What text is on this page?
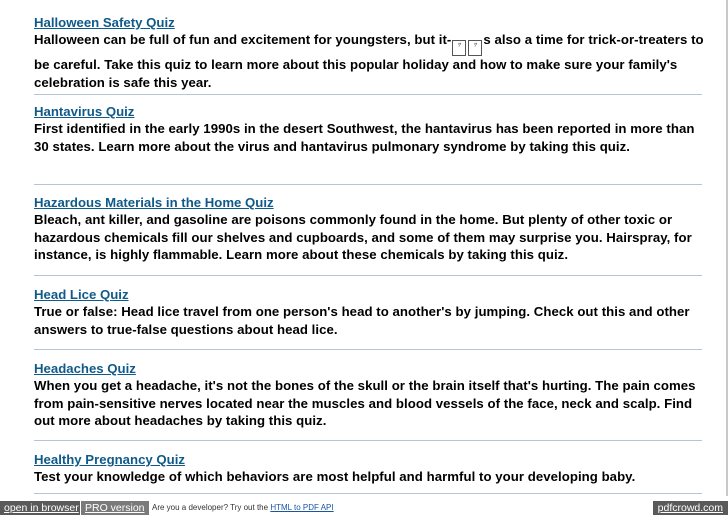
Halloween Safety Quiz

Halloween can be full of fun and excitement for youngsters, but it- ﾂ ﾂ s also a time for trick-or-treaters to be careful. Take this quiz to learn more about this popular holiday and how to make sure your family's celebration is safe this year.

Hantavirus Quiz

First identified in the early 1990s in the desert Southwest, the hantavirus has been reported in more than 30 states. Learn more about the virus and hantavirus pulmonary syndrome by taking this quiz.

Hazardous Materials in the Home Quiz

Bleach, ant killer, and gasoline are poisons commonly found in the home. But plenty of other toxic or hazardous chemicals fill our shelves and cupboards, and some of them may surprise you. Hairspray, for instance, is highly flammable. Learn more about these chemicals by taking this quiz.

Head Lice Quiz

True or false: Head lice travel from one person's head to another's by jumping. Check out this and other answers to true-false questions about head lice.

Headaches Quiz

When you get a headache, it's not the bones of the skull or the brain itself that's hurting. The pain comes from pain-sensitive nerves located near the muscles and blood vessels of the face, neck and scalp. Find out more about headaches by taking this quiz.

Healthy Pregnancy Quiz

Test your knowledge of which behaviors are most helpful and harmful to your developing baby.

open in browser PRO version Are you a developer? Try out the HTML to PDF API	pdfcrowd.com
